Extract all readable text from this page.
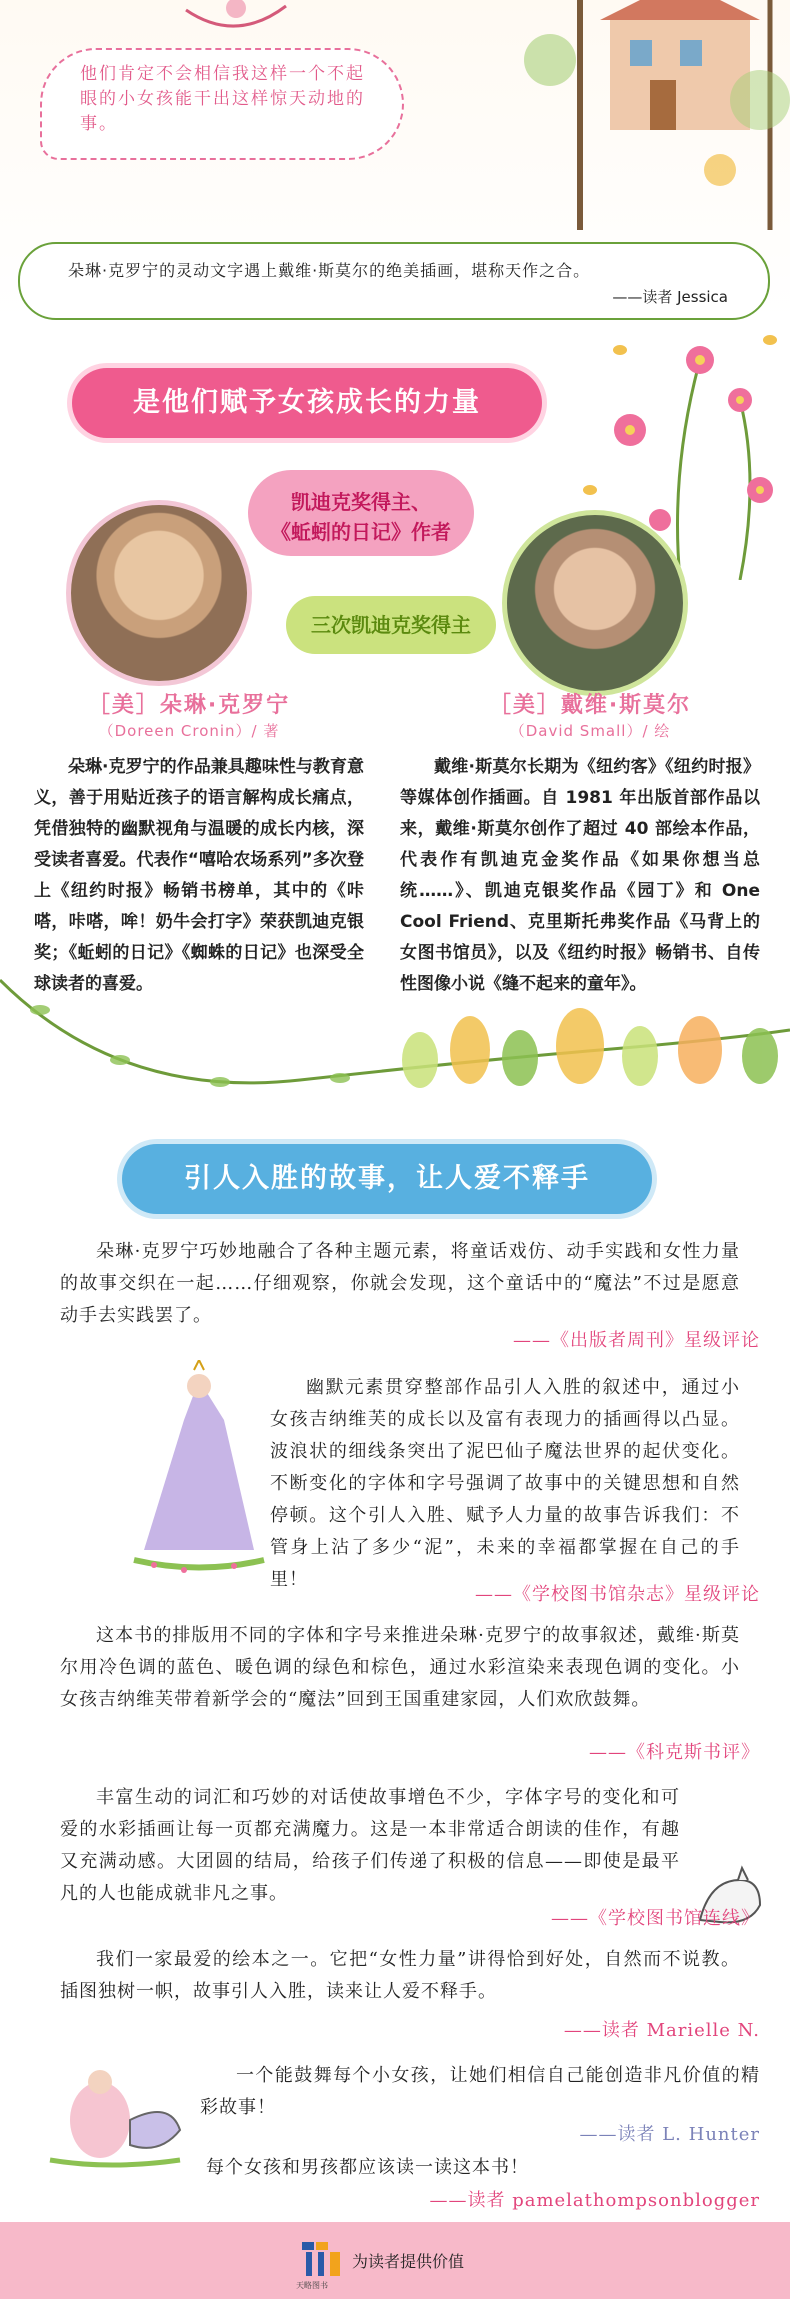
他们肯定不会相信我这样一个不起眼的小女孩能干出这样惊天动地的事。
朵琳·克罗宁的灵动文字遇上戴维·斯莫尔的绝美插画，堪称天作之合。
——读者 Jessica
是他们赋予女孩成长的力量
凯迪克奖得主、
《蚯蚓的日记》作者
三次凯迪克奖得主
［美］朵琳·克罗宁
（Doreen Cronin）/ 著
朵琳·克罗宁的作品兼具趣味性与教育意义，善于用贴近孩子的语言解构成长痛点，凭借独特的幽默视角与温暖的成长内核，深受读者喜爱。代表作“嘻哈农场系列”多次登上《纽约时报》畅销书榜单，其中的《咔嗒，咔嗒，哞！奶牛会打字》荣获凯迪克银奖；《蚯蚓的日记》《蜘蛛的日记》也深受全球读者的喜爱。
［美］戴维·斯莫尔
（David Small）/ 绘
戴维·斯莫尔长期为《纽约客》《纽约时报》等媒体创作插画。自 1981 年出版首部作品以来，戴维·斯莫尔创作了超过 40 部绘本作品，代表作有凯迪克金奖作品《如果你想当总统……》、凯迪克银奖作品《园丁》和 One Cool Friend、克里斯托弗奖作品《马背上的女图书馆员》，以及《纽约时报》畅销书、自传性图像小说《缝不起来的童年》。
引人入胜的故事，让人爱不释手
朵琳·克罗宁巧妙地融合了各种主题元素，将童话戏仿、动手实践和女性力量的故事交织在一起……仔细观察，你就会发现，这个童话中的“魔法”不过是愿意动手去实践罢了。
——《出版者周刊》星级评论
幽默元素贯穿整部作品引人入胜的叙述中，通过小女孩吉纳维芙的成长以及富有表现力的插画得以凸显。波浪状的细线条突出了泥巴仙子魔法世界的起伏变化。不断变化的字体和字号强调了故事中的关键思想和自然停顿。这个引人入胜、赋予人力量的故事告诉我们：不管身上沾了多少“泥”，未来的幸福都掌握在自己的手里！
——《学校图书馆杂志》星级评论
这本书的排版用不同的字体和字号来推进朵琳·克罗宁的故事叙述，戴维·斯莫尔用冷色调的蓝色、暖色调的绿色和棕色，通过水彩渲染来表现色调的变化。小女孩吉纳维芙带着新学会的“魔法”回到王国重建家园，人们欢欣鼓舞。
——《科克斯书评》
丰富生动的词汇和巧妙的对话使故事增色不少，字体字号的变化和可爱的水彩插画让每一页都充满魔力。这是一本非常适合朗读的佳作，有趣又充满动感。大团圆的结局，给孩子们传递了积极的信息——即使是最平凡的人也能成就非凡之事。
——《学校图书馆连线》
我们一家最爱的绘本之一。它把“女性力量”讲得恰到好处，自然而不说教。插图独树一帜，故事引人入胜，读来让人爱不释手。
——读者 Marielle N.
一个能鼓舞每个小女孩，让她们相信自己能创造非凡价值的精彩故事！
——读者 L. Hunter
每个女孩和男孩都应该读一读这本书！
——读者 pamelathompsonblogger
为读者提供价值
天略图书
